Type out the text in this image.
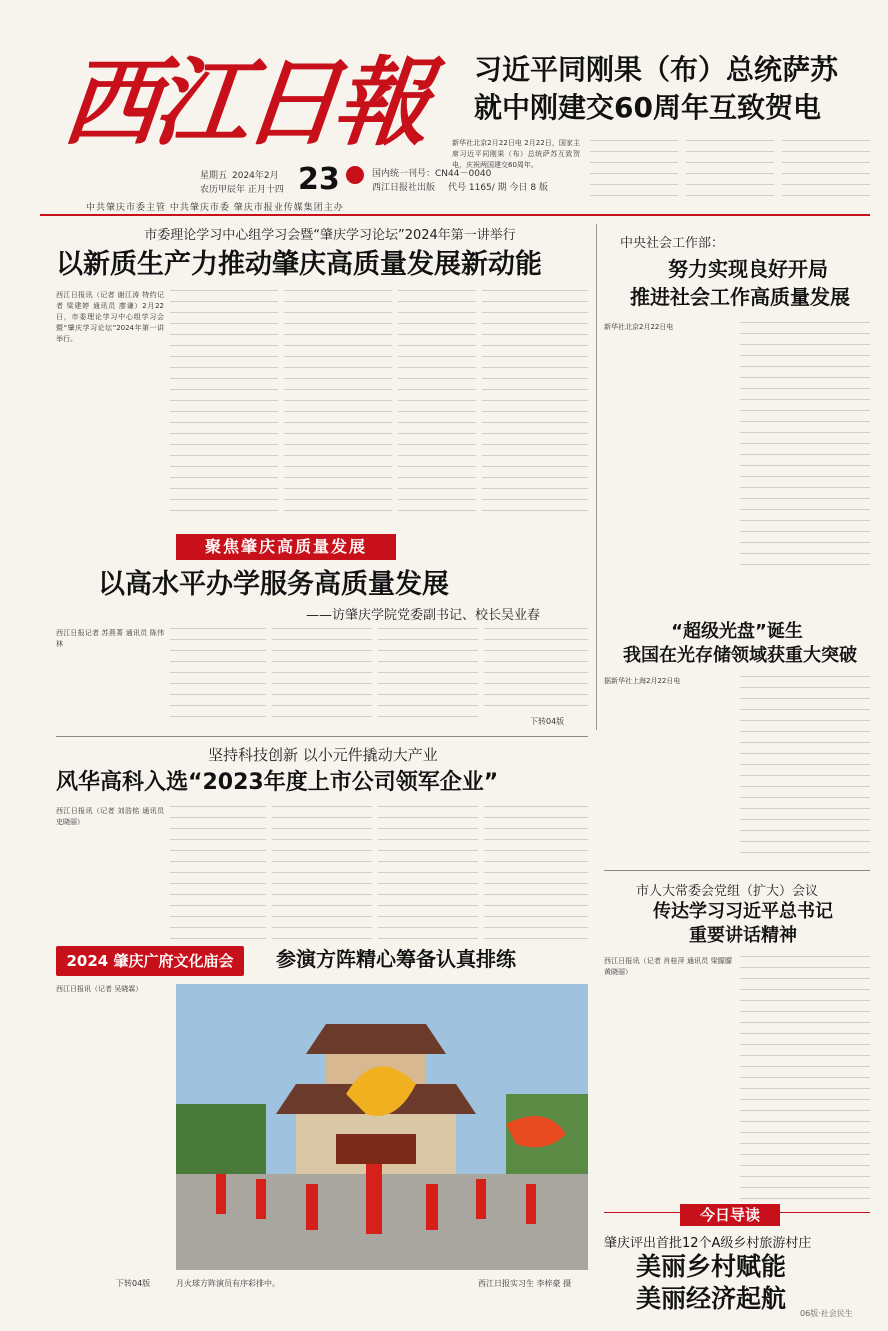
西江日報
星期五 2024年2月
农历甲辰年 正月十四 23	国内统一刊号：CN44－0040
西江日报社出版 代号 1165/ 期 今日 8 版
中共肇庆市委主管 中共肇庆市委 肇庆市报业传媒集团主办
习近平同刚果（布）总统萨苏
就中刚建交60周年互致贺电
新华社北京2月22日电 2月22日，国家主席习近平同刚果（布）总统萨苏互致贺电，庆祝两国建交60周年。
市委理论学习中心组学习会暨“肇庆学习论坛”2024年第一讲举行
以新质生产力推动肇庆高质量发展新动能
西江日报讯（记者 谢江涛 特约记者 梁建婷 通讯员 廖谦）2月22日，市委理论学习中心组学习会暨“肇庆学习论坛”2024年第一讲举行。
中央社会工作部：
努力实现良好开局
推进社会工作高质量发展
新华社北京2月22日电
聚焦肇庆高质量发展
以高水平办学服务高质量发展
——访肇庆学院党委副书记、校长吴业春
西江日报记者 苏燕菁 通讯员 陈伟林
下转04版
“超级光盘”诞生
我国在光存储领域获重大突破
据新华社上海2月22日电
坚持科技创新 以小元件撬动大产业
风华高科入选“2023年度上市公司领军企业”
西江日报讯（记者 刘浩铭 通讯员 史晓丽）
市人大常委会党组（扩大）会议
传达学习习近平总书记
重要讲话精神
西江日报讯（记者 肖桂萍 通讯员 梁朦朦 黄晓丽）
2024 肇庆广府文化庙会	参演方阵精心筹备认真排练
西江日报讯（记者 吴晓霖）
下转04版	月火球方阵演员有序彩排中。	西江日报实习生 李梓豪 摄
今日导读
肇庆评出首批12个A级乡村旅游村庄
美丽乡村赋能
美丽经济起航
06版·社会民生
